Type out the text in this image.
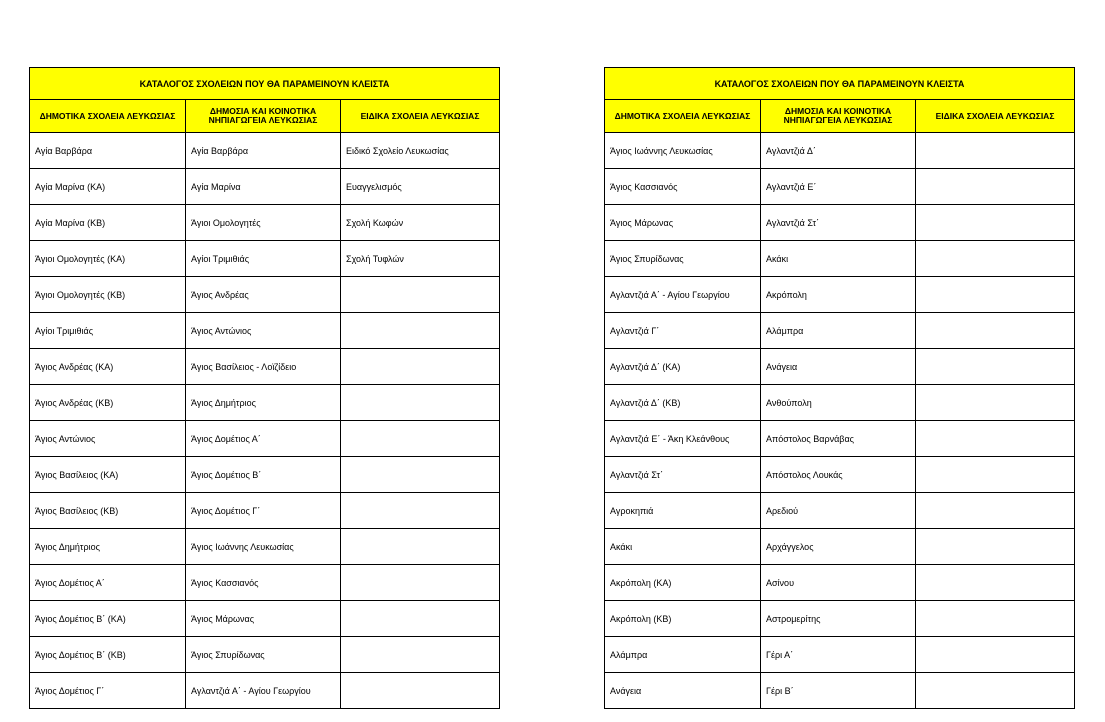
ΚΑΤΑΛΟΓΟΣ ΣΧΟΛΕΙΩΝ ΠΟΥ ΘΑ ΠΑΡΑΜΕΙΝΟΥΝ ΚΛΕΙΣΤΑ		
ΔΗΜΟΤΙΚΑ ΣΧΟΛΕΙΑ ΛΕΥΚΩΣΙΑΣ	ΔΗΜΟΣΙΑ ΚΑΙ ΚΟΙΝΟΤΙΚΑ ΝΗΠΙΑΓΩΓΕΙΑ ΛΕΥΚΩΣΙΑΣ	ΕΙΔΙΚΑ ΣΧΟΛΕΙΑ ΛΕΥΚΩΣΙΑΣ
Αγία Βαρβάρα	Αγία Βαρβάρα	Ειδικό Σχολείο Λευκωσίας
Αγία Μαρίνα (ΚΑ)	Αγία Μαρίνα	Ευαγγελισμός
Αγία Μαρίνα (ΚΒ)	Άγιοι Ομολογητές	Σχολή Κωφών
Άγιοι Ομολογητές (ΚΑ)	Αγίοι Τριμιθιάς	Σχολή Τυφλών
Άγιοι Ομολογητές (ΚΒ)	Άγιος Ανδρέας	
Αγίοι Τριμιθιάς	Άγιος Αντώνιος	
Άγιος Ανδρέας (ΚΑ)	Άγιος Βασίλειος - Λοϊζίδειο	
Άγιος Ανδρέας (ΚΒ)	Άγιος Δημήτριος	
Άγιος Αντώνιος	Άγιος Δομέτιος Α΄	
Άγιος Βασίλειος (ΚΑ)	Άγιος Δομέτιος Β΄	
Άγιος Βασίλειος (ΚΒ)	Άγιος Δομέτιος Γ΄	
Άγιος Δημήτριος	Άγιος Ιωάννης Λευκωσίας	
Άγιος Δομέτιος Α΄	Άγιος Κασσιανός	
Άγιος Δομέτιος Β΄ (ΚΑ)	Άγιος Μάρωνας	
Άγιος Δομέτιος Β΄ (ΚΒ)	Άγιος Σπυρίδωνας	
Άγιος Δομέτιος Γ΄	Αγλαντζιά Α΄ - Αγίου Γεωργίου	
ΚΑΤΑΛΟΓΟΣ ΣΧΟΛΕΙΩΝ ΠΟΥ ΘΑ ΠΑΡΑΜΕΙΝΟΥΝ ΚΛΕΙΣΤΑ		
ΔΗΜΟΤΙΚΑ ΣΧΟΛΕΙΑ ΛΕΥΚΩΣΙΑΣ	ΔΗΜΟΣΙΑ ΚΑΙ ΚΟΙΝΟΤΙΚΑ ΝΗΠΙΑΓΩΓΕΙΑ ΛΕΥΚΩΣΙΑΣ	ΕΙΔΙΚΑ ΣΧΟΛΕΙΑ ΛΕΥΚΩΣΙΑΣ
Άγιος Ιωάννης Λευκωσίας	Αγλαντζιά Δ΄	
Άγιος Κασσιανός	Αγλαντζιά Ε΄	
Άγιος Μάρωνας	Αγλαντζιά Στ΄	
Άγιος Σπυρίδωνας	Ακάκι	
Αγλαντζιά Α΄ - Αγίου Γεωργίου	Ακρόπολη	
Αγλαντζιά Γ΄	Αλάμπρα	
Αγλαντζιά Δ΄ (ΚΑ)	Ανάγεια	
Αγλαντζιά Δ΄ (ΚΒ)	Ανθούπολη	
Αγλαντζιά Ε΄ - Άκη Κλεάνθους	Απόστολος Βαρνάβας	
Αγλαντζιά Στ΄	Απόστολος Λουκάς	
Αγροκηπιά	Αρεδιού	
Ακάκι	Αρχάγγελος	
Ακρόπολη (ΚΑ)	Ασίνου	
Ακρόπολη (ΚΒ)	Αστρομερίτης	
Αλάμπρα	Γέρι Α΄	
Ανάγεια	Γέρι Β΄	
